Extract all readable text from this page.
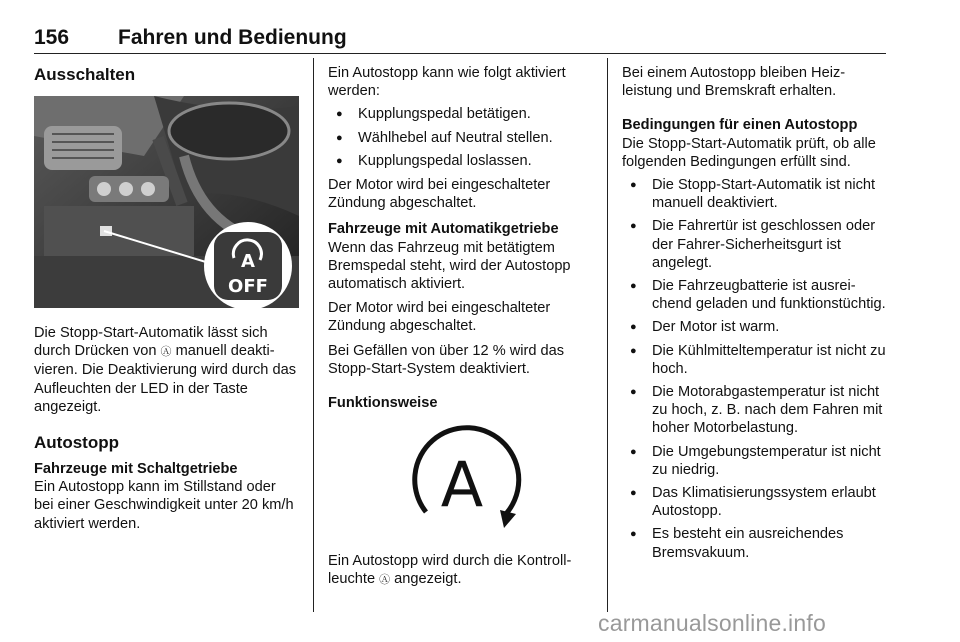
156 Fahren und Bedienung
Ausschalten
A
OFF

Die Stopp-Start-Automatik lässt sich durch Drücken von Ⓐ manuell deaktivieren. Die Deaktivierung wird durch das Aufleuchten der LED in der Taste angezeigt.

Autostopp
Fahrzeuge mit Schaltgetriebe

Ein Autostopp kann im Stillstand oder bei einer Geschwindigkeit unter 20 km/h aktiviert werden.

Ein Autostopp kann wie folgt aktiviert werden:

● Kupplungspedal betätigen.
● Wählhebel auf Neutral stellen.
● Kupplungspedal loslassen.

Der Motor wird bei eingeschalteter Zündung abgeschaltet.

Fahrzeuge mit Automatikgetriebe

Wenn das Fahrzeug mit betätigtem Bremspedal steht, wird der Autostopp automatisch aktiviert.

Der Motor wird bei eingeschalteter Zündung abgeschaltet.

Bei Gefällen von über 12 % wird das Stopp-Start-System deaktiviert.

Funktionsweise
A

Ein Autostopp wird durch die Kontrollleuchte Ⓐ angezeigt.

Bei einem Autostopp bleiben Heizleistung und Bremskraft erhalten.

Bedingungen für einen Autostopp

Die Stopp-Start-Automatik prüft, ob alle folgenden Bedingungen erfüllt sind.

● Die Stopp-Start-Automatik ist nicht manuell deaktiviert.
● Die Fahrertür ist geschlossen oder der Fahrer-Sicherheitsgurt ist angelegt.
● Die Fahrzeugbatterie ist ausreichend geladen und funktionstüchtig.
● Der Motor ist warm.
● Die Kühlmitteltemperatur ist nicht zu hoch.
● Die Motorabgastemperatur ist nicht zu hoch, z. B. nach dem Fahren mit hoher Motorbelastung.
● Die Umgebungstemperatur ist nicht zu niedrig.
● Das Klimatisierungssystem erlaubt Autostopp.
● Es besteht ein ausreichendes Bremsvakuum.
carmanualsonline.info
